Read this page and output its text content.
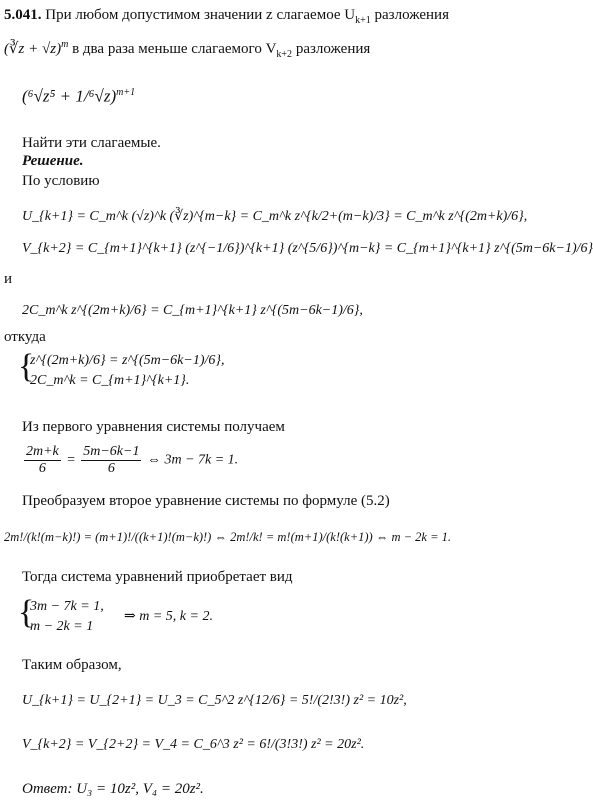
5.041. При любом допустимом значении z слагаемое $U_{k+1}$ разложения
(∛z + √z)$^m$ в два раза меньше слагаемого $V_{k+2}$ разложения
$(^6√z^5 + 1/^6√z)^{m+1}$
Найти эти слагаемые.
Решение.
По условию
U_{k+1} = C_m^k (√z)^k (∛z)^{m−k} = C_m^k z^{k/2+(m−k)/3} = C_m^k z^{(2m+k)/6},
V_{k+2} = C_{m+1}^{k+1} (z^{−1/6})^{k+1} (z^{5/6})^{m−k} = C_{m+1}^{k+1} z^{(5m−6k−1)/6}
и
2C_m^k z^{(2m+k)/6} = C_{m+1}^{k+1} z^{(5m−6k−1)/6},
откуда
{
z^{(2m+k)/6} = z^{(5m−6k−1)/6},
2C_m^k = C_{m+1}^{k+1}.
Из первого уравнения системы получаем
$\frac{2m+k}{6} = \frac{5m-6k-1}{6}$ ⇔ 3m − 7k = 1.
Преобразуем второе уравнение системы по формуле (5.2)
2m!/(k!(m−k)!) = (m+1)!/((k+1)!(m−k)!) ⇔ 2m!/k! = m!(m+1)/(k!(k+1)) ⇔ m − 2k = 1.
Тогда система уравнений приобретает вид
{
3m − 7k = 1,
m − 2k = 1
⇒ m = 5, k = 2.
Таким образом,
U_{k+1} = U_{2+1} = U_3 = C_5^2 z^{12/6} = 5!/(2!3!) z² = 10z²,
V_{k+2} = V_{2+2} = V_4 = C_6^3 z² = 6!/(3!3!) z² = 20z².
Ответ: U₃ = 10z², V₄ = 20z².
